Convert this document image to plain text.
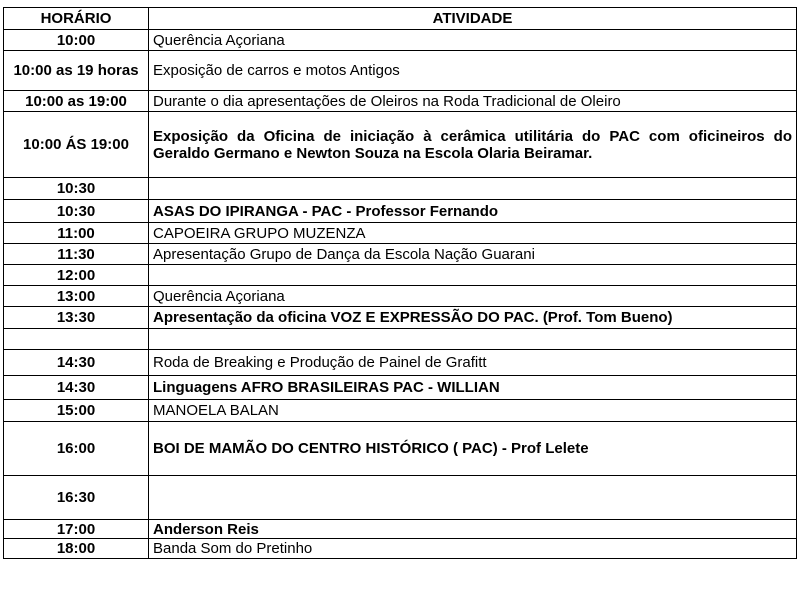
HORÁRIO	ATIVIDADE
10:00	Querência Açoriana
10:00 as 19 horas	Exposição de carros e motos Antigos
10:00 as 19:00	Durante o dia apresentações de Oleiros na Roda Tradicional de Oleiro
10:00 ÁS 19:00	Exposição da Oficina de iniciação à cerâmica utilitária do PAC com oficineiros do Geraldo Germano e Newton Souza na Escola Olaria Beiramar.
10:30	
10:30	ASAS DO IPIRANGA - PAC - Professor Fernando
11:00	CAPOEIRA GRUPO MUZENZA
11:30	Apresentação Grupo de Dança da Escola Nação Guarani
12:00	
13:00	Querência Açoriana
13:30	Apresentação da oficina VOZ E EXPRESSÃO DO PAC. (Prof. Tom Bueno)

14:30	Roda de Breaking e Produção de Painel de Grafitt
14:30	Linguagens AFRO BRASILEIRAS PAC - WILLIAN
15:00	MANOELA BALAN
16:00	BOI DE MAMÃO DO CENTRO HISTÓRICO ( PAC) - Prof Lelete
16:30	
17:00	Anderson Reis
18:00	Banda Som do Pretinho
